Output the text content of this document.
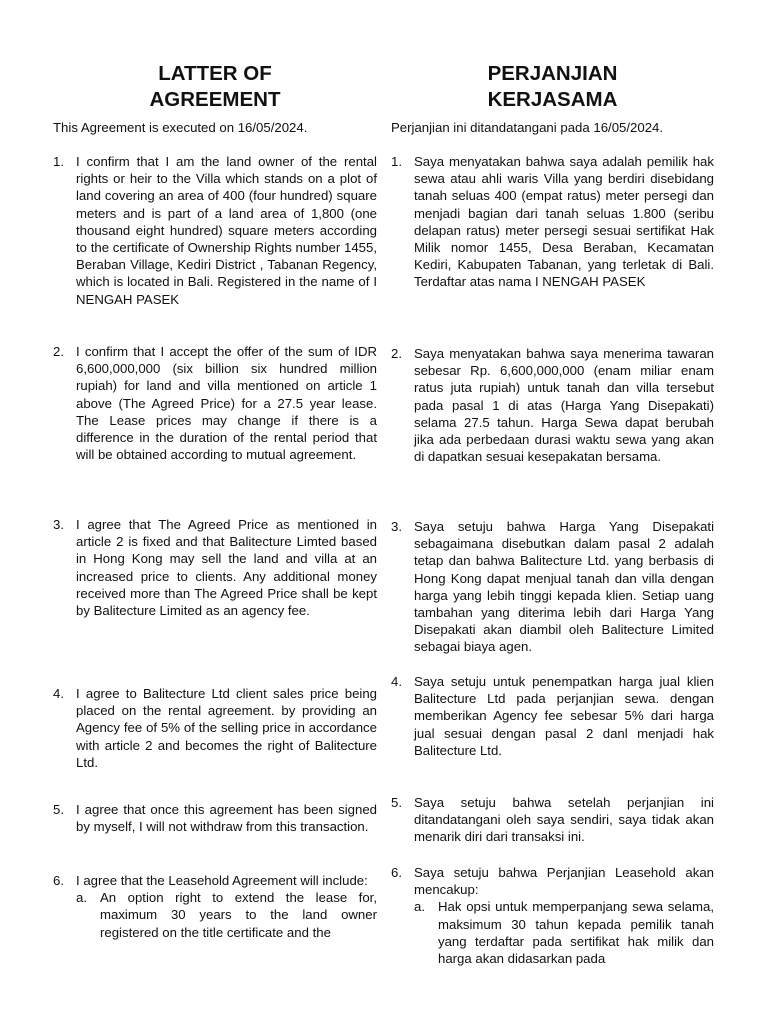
LATTER OF
AGREEMENT
This Agreement is executed on 16/05/2024.
1. I confirm that I am the land owner of the rental rights or heir to the Villa which stands on a plot of land covering an area of 400 (four hundred) square meters and is part of a land area of 1,800 (one thousand eight hundred) square meters according to the certificate of Ownership Rights number 1455, Beraban Village, Kediri District , Tabanan Regency, which is located in Bali. Registered in the name of I NENGAH PASEK
2. I confirm that I accept the offer of the sum of IDR 6,600,000,000 (six billion six hundred million rupiah) for land and villa mentioned on article 1 above (The Agreed Price) for a 27.5 year lease. The Lease prices may change if there is a difference in the duration of the rental period that will be obtained according to mutual agreement.
3. I agree that The Agreed Price as mentioned in article 2 is fixed and that Balitecture Limted based in Hong Kong may sell the land and villa at an increased price to clients. Any additional money received more than The Agreed Price shall be kept by Balitecture Limited as an agency fee.
4. I agree to Balitecture Ltd client sales price being placed on the rental agreement. by providing an Agency fee of 5% of the selling price in accordance with article 2 and becomes the right of Balitecture Ltd.
5. I agree that once this agreement has been signed by myself, I will not withdraw from this transaction.
6. I agree that the Leasehold Agreement will include:
a. An option right to extend the lease for, maximum 30 years to the land owner registered on the title certificate and the
PERJANJIAN
KERJASAMA
Perjanjian ini ditandatangani pada 16/05/2024.
1. Saya menyatakan bahwa saya adalah pemilik hak sewa atau ahli waris Villa yang berdiri disebidang tanah seluas 400 (empat ratus) meter persegi dan menjadi bagian dari tanah seluas 1.800 (seribu delapan ratus) meter persegi sesuai sertifikat Hak Milik nomor 1455, Desa Beraban, Kecamatan Kediri, Kabupaten Tabanan, yang terletak di Bali. Terdaftar atas nama I NENGAH PASEK
2. Saya menyatakan bahwa saya menerima tawaran sebesar Rp. 6,600,000,000 (enam miliar enam ratus juta rupiah) untuk tanah dan villa tersebut pada pasal 1 di atas (Harga Yang Disepakati) selama 27.5 tahun. Harga Sewa dapat berubah jika ada perbedaan durasi waktu sewa yang akan di dapatkan sesuai kesepakatan bersama.
3. Saya setuju bahwa Harga Yang Disepakati sebagaimana disebutkan dalam pasal 2 adalah tetap dan bahwa Balitecture Ltd. yang berbasis di Hong Kong dapat menjual tanah dan villa dengan harga yang lebih tinggi kepada klien. Setiap uang tambahan yang diterima lebih dari Harga Yang Disepakati akan diambil oleh Balitecture Limited sebagai biaya agen.
4. Saya setuju untuk penempatkan harga jual klien Balitecture Ltd pada perjanjian sewa. dengan memberikan Agency fee sebesar 5% dari harga jual sesuai dengan pasal 2 danl menjadi hak Balitecture Ltd.
5. Saya setuju bahwa setelah perjanjian ini ditandatangani oleh saya sendiri, saya tidak akan menarik diri dari transaksi ini.
6. Saya setuju bahwa Perjanjian Leasehold akan mencakup:
a. Hak opsi untuk memperpanjang sewa selama, maksimum 30 tahun kepada pemilik tanah yang terdaftar pada sertifikat hak milik dan harga akan didasarkan pada
